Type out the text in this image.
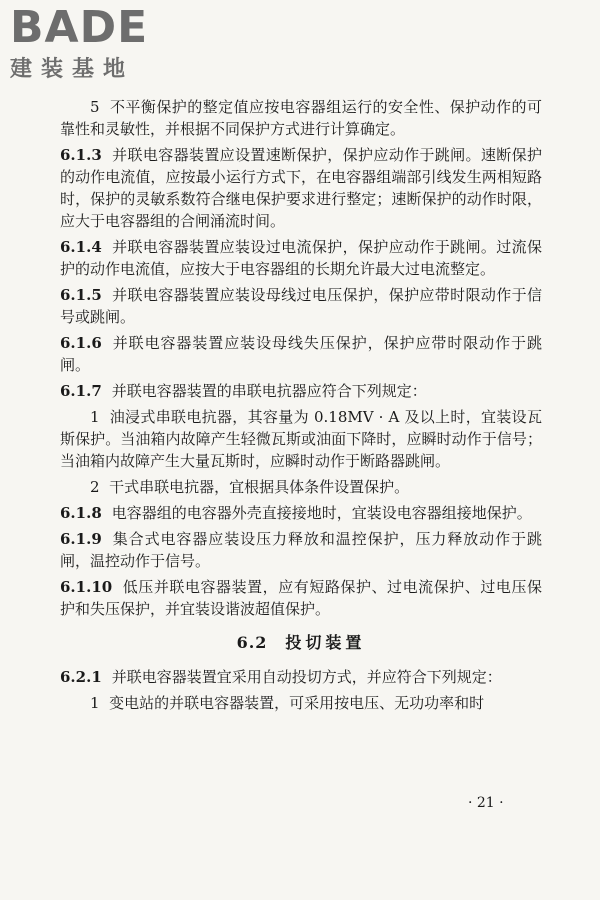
BADE
建装基地

5 不平衡保护的整定值应按电容器组运行的安全性、保护动作的可靠性和灵敏性，并根据不同保护方式进行计算确定。

6.1.3 并联电容器装置应设置速断保护，保护应动作于跳闸。速断保护的动作电流值，应按最小运行方式下，在电容器组端部引线发生两相短路时，保护的灵敏系数符合继电保护要求进行整定；速断保护的动作时限，应大于电容器组的合闸涌流时间。

6.1.4 并联电容器装置应装设过电流保护，保护应动作于跳闸。过流保护的动作电流值，应按大于电容器组的长期允许最大过电流整定。

6.1.5 并联电容器装置应装设母线过电压保护，保护应带时限动作于信号或跳闸。

6.1.6 并联电容器装置应装设母线失压保护，保护应带时限动作于跳闸。

6.1.7 并联电容器装置的串联电抗器应符合下列规定：

1 油浸式串联电抗器，其容量为 0.18MV · A 及以上时，宜装设瓦斯保护。当油箱内故障产生轻微瓦斯或油面下降时，应瞬时动作于信号；当油箱内故障产生大量瓦斯时，应瞬时动作于断路器跳闸。

2 干式串联电抗器，宜根据具体条件设置保护。

6.1.8 电容器组的电容器外壳直接接地时，宜装设电容器组接地保护。

6.1.9 集合式电容器应装设压力释放和温控保护，压力释放动作于跳闸，温控动作于信号。

6.1.10 低压并联电容器装置，应有短路保护、过电流保护、过电压保护和失压保护，并宜装设谐波超值保护。

6.2 投切装置

6.2.1 并联电容器装置宜采用自动投切方式，并应符合下列规定：

1 变电站的并联电容器装置，可采用按电压、无功功率和时

· 21 ·
